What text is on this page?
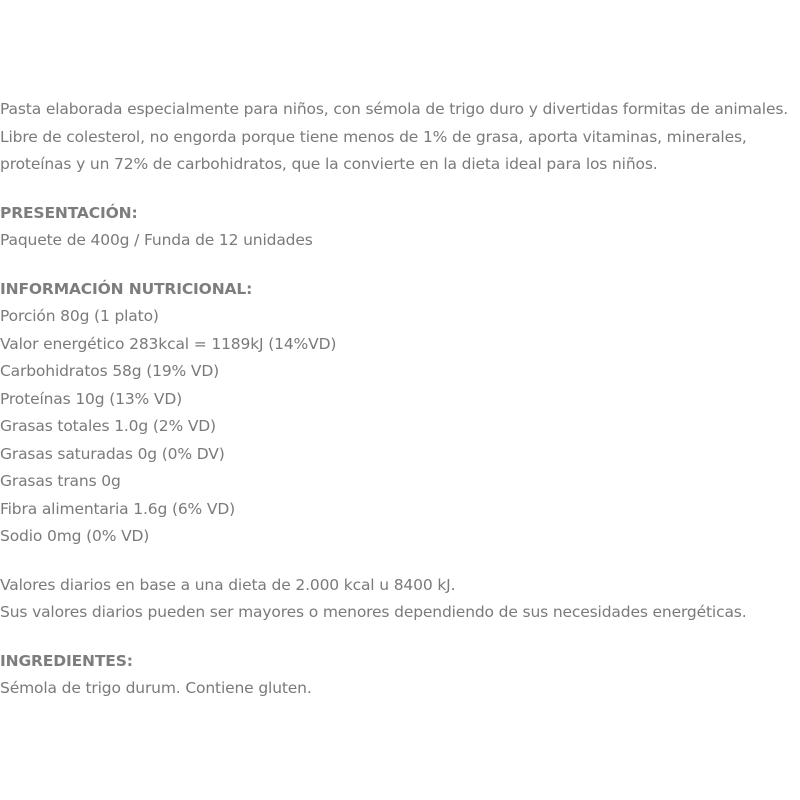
Pasta elaborada especialmente para niños, con sémola de trigo duro y divertidas formitas de animales.
Libre de colesterol, no engorda porque tiene menos de 1% de grasa, aporta vitaminas, minerales,
proteínas y un 72% de carbohidratos, que la convierte en la dieta ideal para los niños.
PRESENTACIÓN:
Paquete de 400g / Funda de 12 unidades
INFORMACIÓN NUTRICIONAL:
Porción 80g (1 plato)
Valor energético 283kcal = 1189kJ (14%VD)
Carbohidratos 58g (19% VD)
Proteínas 10g (13% VD)
Grasas totales 1.0g (2% VD)
Grasas saturadas 0g (0% DV)
Grasas trans 0g
Fibra alimentaria 1.6g (6% VD)
Sodio 0mg (0% VD)
Valores diarios en base a una dieta de 2.000 kcal u 8400 kJ.
Sus valores diarios pueden ser mayores o menores dependiendo de sus necesidades energéticas.
INGREDIENTES:
Sémola de trigo durum. Contiene gluten.
